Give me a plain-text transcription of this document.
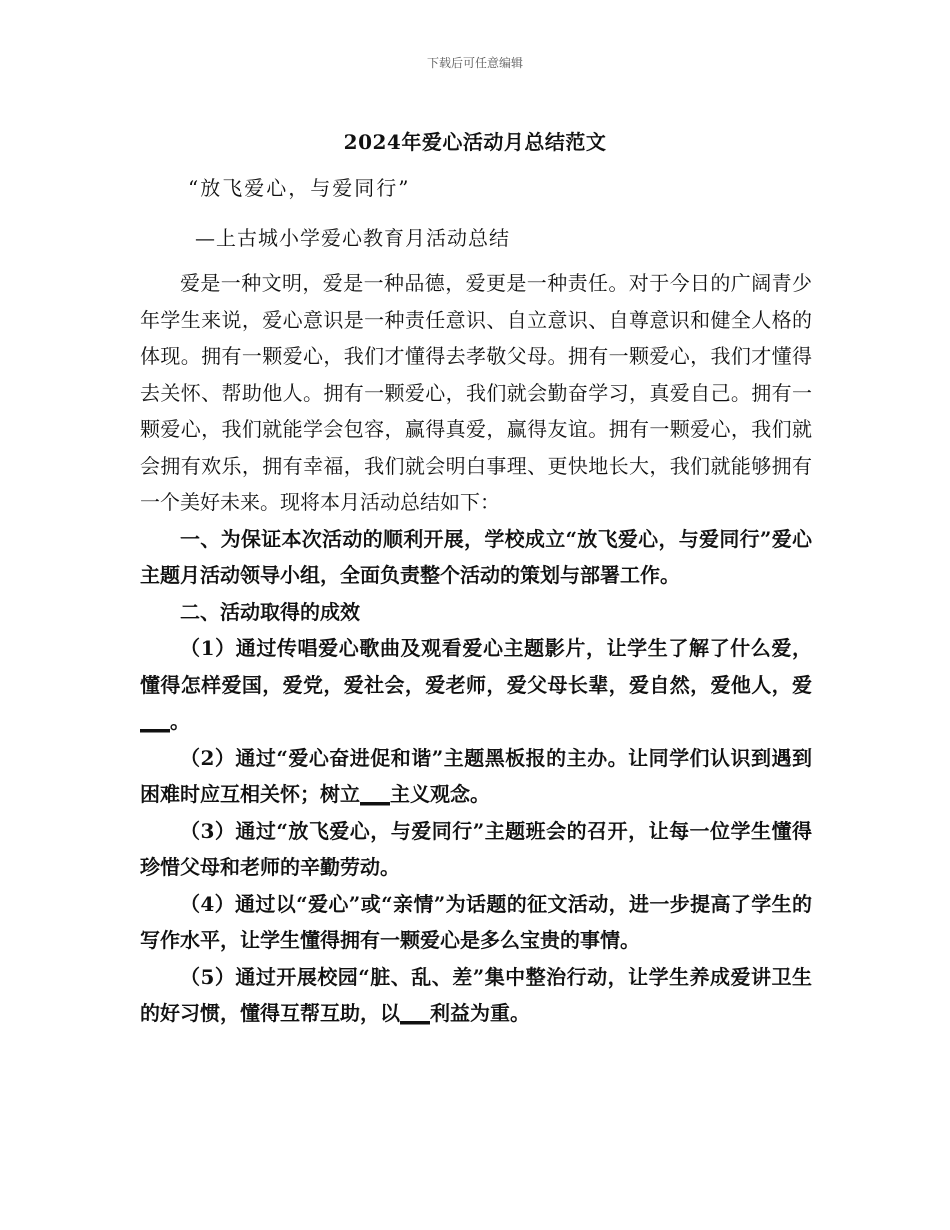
下载后可任意编辑
2024年爱心活动月总结范文
“放飞爱心，与爱同行”
—上古城小学爱心教育月活动总结

爱是一种文明，爱是一种品德，爱更是一种责任。对于今日的广阔青少年学生来说，爱心意识是一种责任意识、自立意识、自尊意识和健全人格的体现。拥有一颗爱心，我们才懂得去孝敬父母。拥有一颗爱心，我们才懂得去关怀、帮助他人。拥有一颗爱心，我们就会勤奋学习，真爱自己。拥有一颗爱心，我们就能学会包容，赢得真爱，赢得友谊。拥有一颗爱心，我们就会拥有欢乐，拥有幸福，我们就会明白事理、更快地长大，我们就能够拥有一个美好未来。现将本月活动总结如下：

一、为保证本次活动的顺利开展，学校成立“放飞爱心，与爱同行”爱心主题月活动领导小组，全面负责整个活动的策划与部署工作。

二、活动取得的成效

（1）通过传唱爱心歌曲及观看爱心主题影片，让学生了解了什么爱，懂得怎样爱国，爱党，爱社会，爱老师，爱父母长辈，爱自然，爱他人，爱___。

（2）通过“爱心奋进促和谐”主题黑板报的主办。让同学们认识到遇到困难时应互相关怀；树立___主义观念。

（3）通过“放飞爱心，与爱同行”主题班会的召开，让每一位学生懂得珍惜父母和老师的辛勤劳动。

（4）通过以“爱心”或“亲情”为话题的征文活动，进一步提高了学生的写作水平，让学生懂得拥有一颗爱心是多么宝贵的事情。

（5）通过开展校园“脏、乱、差”集中整治行动，让学生养成爱讲卫生的好习惯，懂得互帮互助，以___利益为重。
